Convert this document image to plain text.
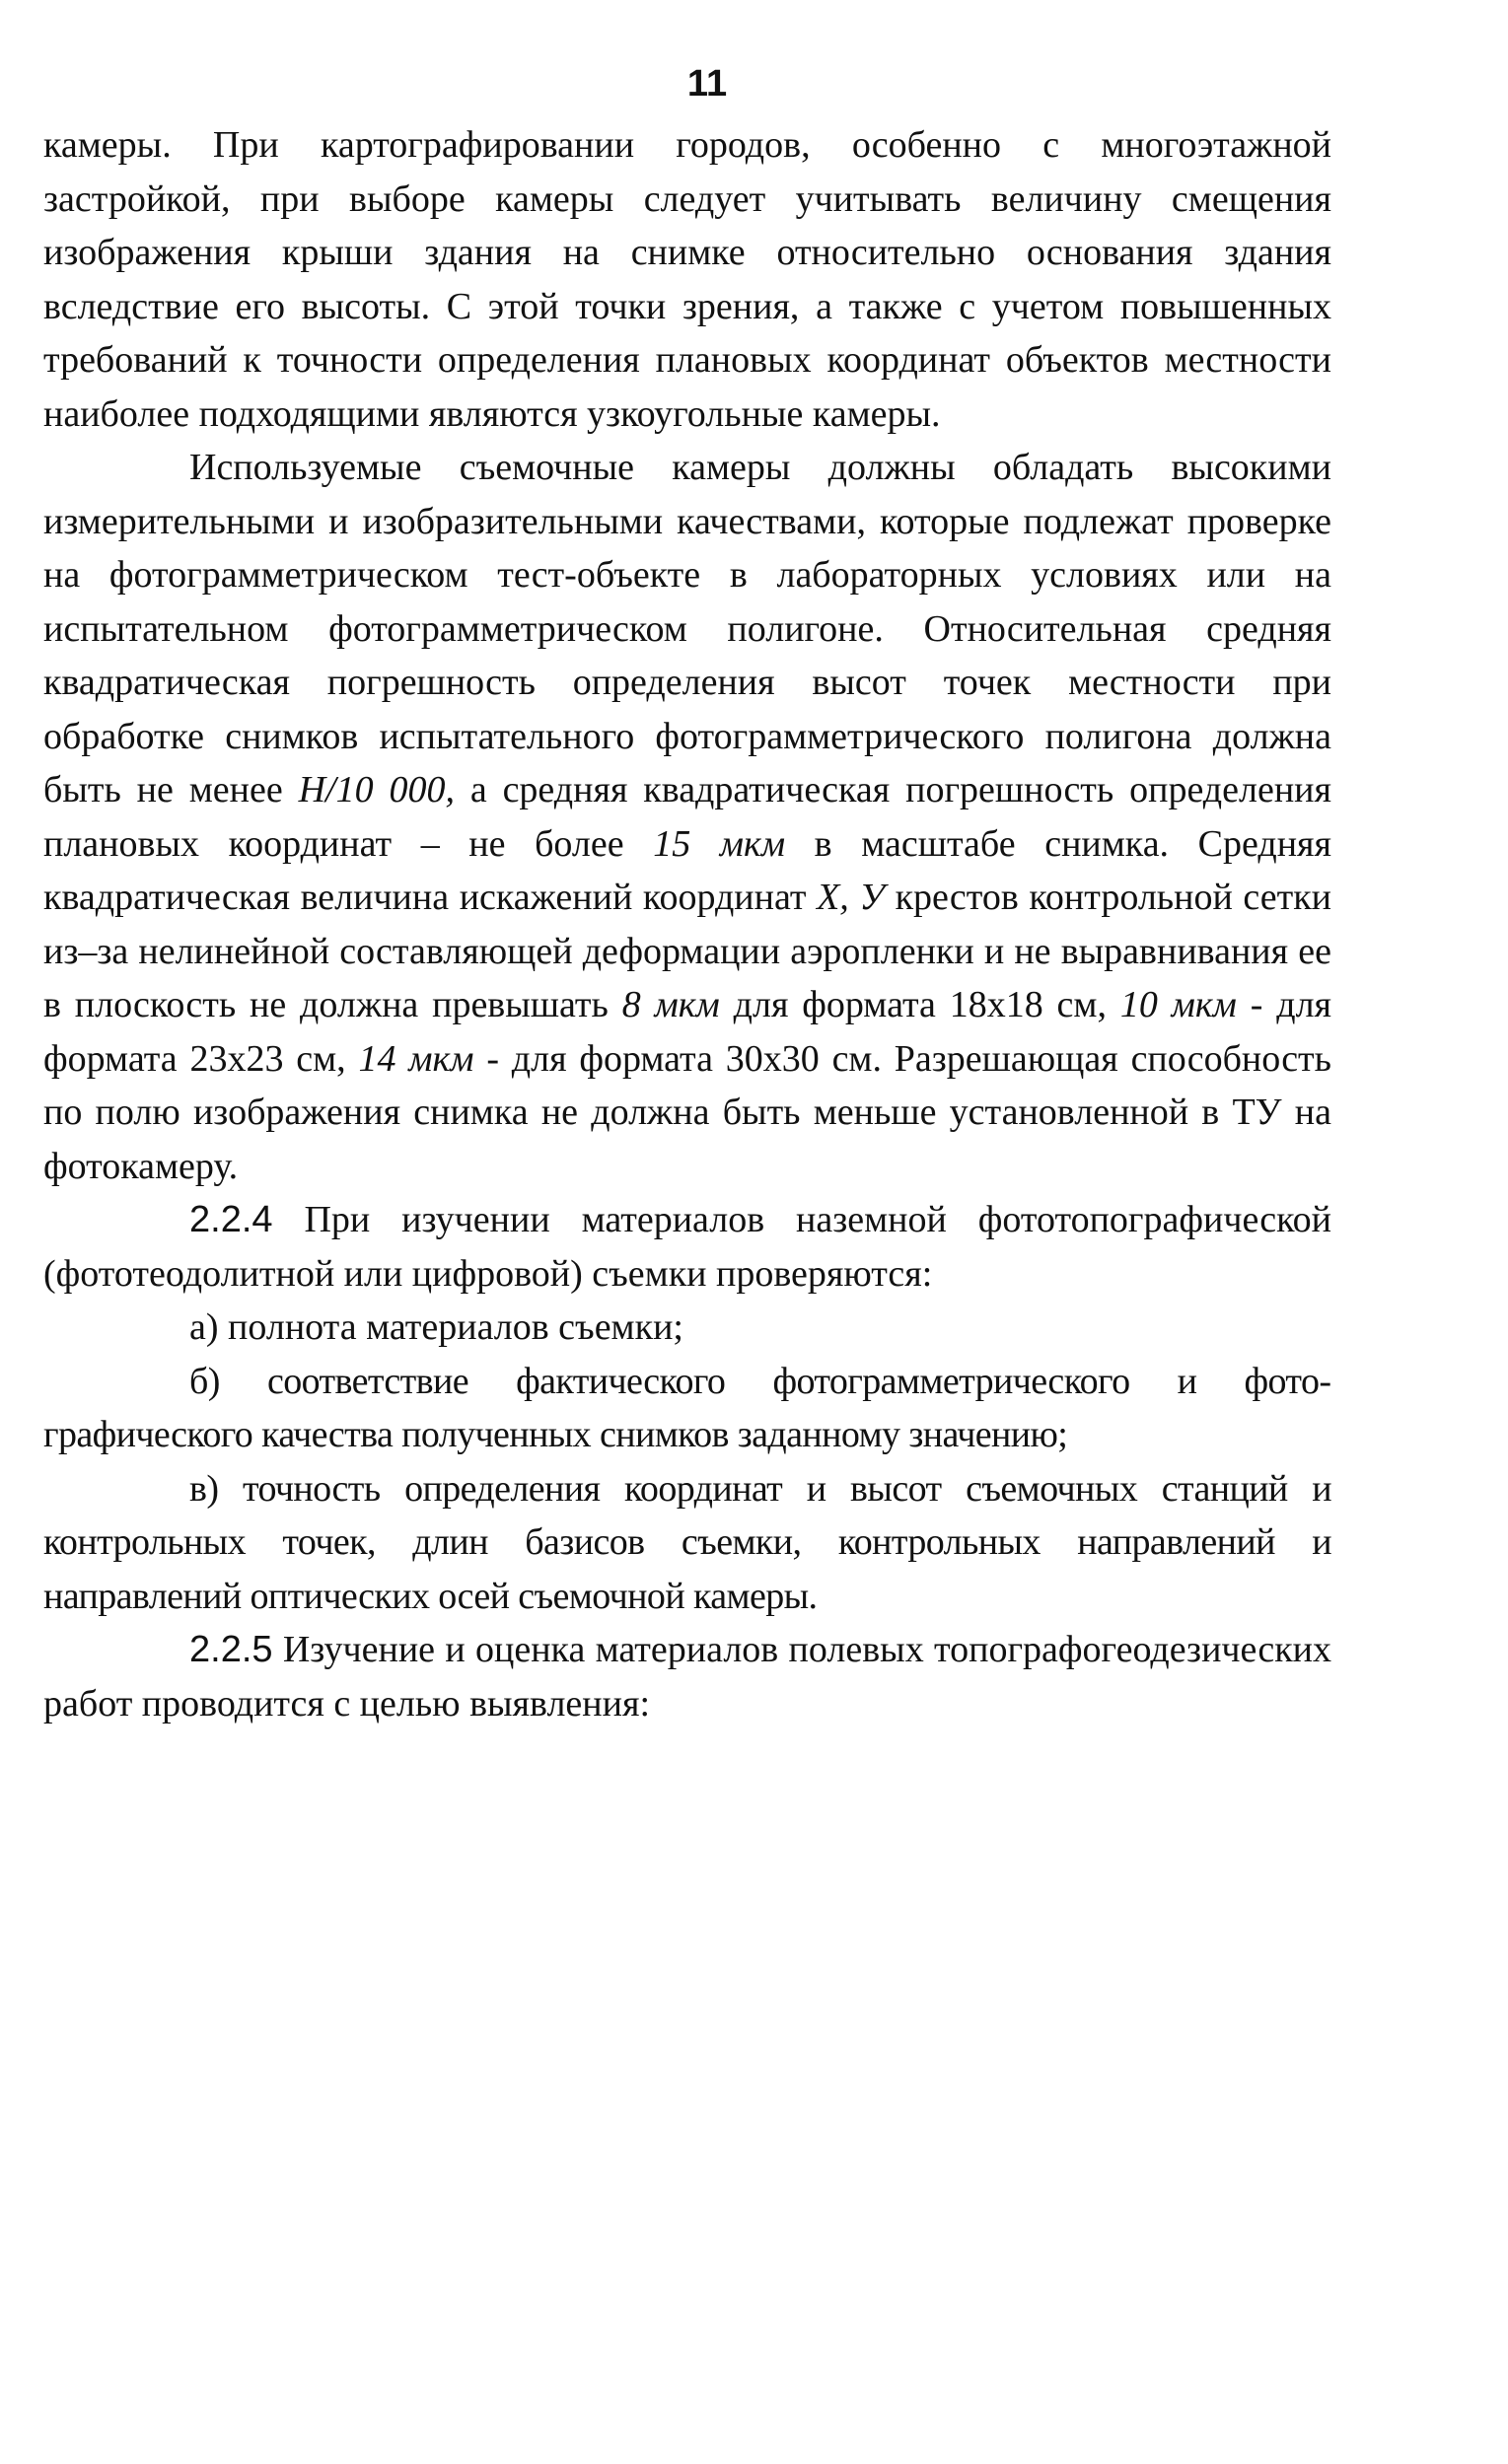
11

камеры. При картографировании городов, особенно с многоэтажной застройкой, при выборе камеры следует учитывать величину смещения изображения крыши здания на снимке относительно основания здания вследствие его высоты. С этой точки зрения, а также с учетом повышенных требований к точности определения плановых координат объектов местности наиболее подходящими являются узкоугольные камеры.

Используемые съемочные камеры должны обладать высокими измерительными и изобразительными качествами, которые подлежат проверке на фотограмметрическом тест-объекте в лабораторных условиях или на испытательном фотограмметрическом полигоне. Относительная средняя квадратическая погрешность определения высот точек местности при обработке снимков испытательного фотограмметрического полигона должна быть не менее H/10 000, а средняя квадратическая погрешность определения плановых координат – не более 15 мкм в масштабе снимка. Средняя квадратическая величина искажений координат X, У крестов контрольной сетки из–за нелинейной составляющей деформации аэропленки и не выравнивания ее в плоскость не должна превышать 8 мкм для формата 18х18 см, 10 мкм - для формата 23х23 см, 14 мкм - для формата 30х30 см. Разрешающая способность по полю изображения снимка не должна быть меньше установленной в ТУ на фотокамеру.

2.2.4 При изучении материалов наземной фототопографической (фототеодолитной или цифровой) съемки проверяются:

а) полнота материалов съемки;

б) соответствие фактического фотограмметрического и фотографического качества полученных снимков заданному значению;

в) точность определения координат и высот съемочных станций и контрольных точек, длин базисов съемки, контрольных направлений и направлений оптических осей съемочной камеры.

2.2.5 Изучение и оценка материалов полевых топографогеодезических работ проводится с целью выявления:
